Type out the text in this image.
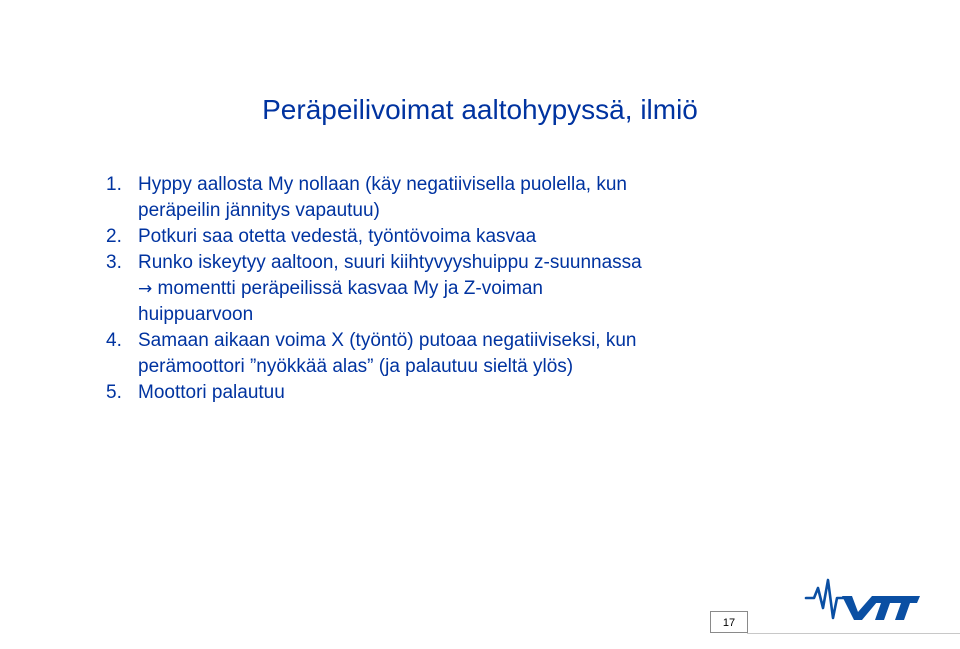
Peräpeilivoimat aaltohypyssä, ilmiö
1. Hyppy aallosta My nollaan (käy negatiivisella puolella, kun peräpeilin jännitys vapautuu)
2. Potkuri saa otetta vedestä, työntövoima kasvaa
3. Runko iskeytyy aaltoon, suuri kiihtyvyyshuippu z-suunnassa → momentti peräpeilissä kasvaa My ja Z-voiman huippuarvoon
4. Samaan aikaan voima X (työntö) putoaa negatiiviseksi, kun perämoottori ”nyökkää alas” (ja palautuu sieltä ylös)
5. Moottori palautuu
17
